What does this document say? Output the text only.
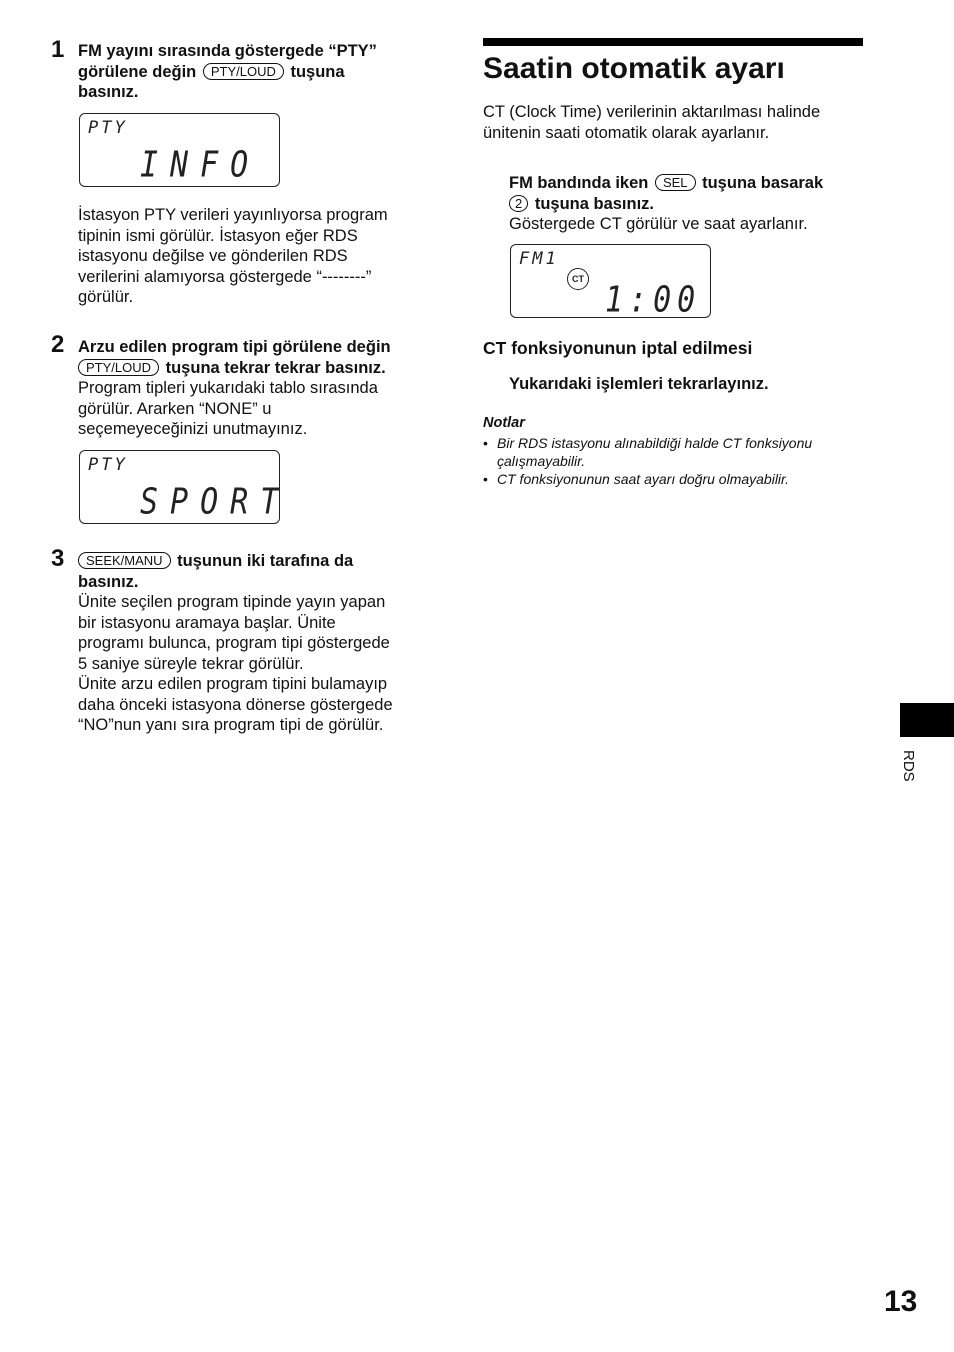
1 FM yayını sırasında göstergede “PTY”
görülene değin PTY/LOUD tuşuna
basınız.
PTY
INFO
İstasyon PTY verileri yayınlıyorsa program
tipinin ismi görülür. İstasyon eğer RDS
istasyonu değilse ve gönderilen RDS
verilerini alamıyorsa göstergede “--------”
görülür.
2 Arzu edilen program tipi görülene değin
PTY/LOUD tuşuna tekrar tekrar basınız.
Program tipleri yukarıdaki tablo sırasında
görülür. Ararken “NONE” u
seçemeyeceğinizi unutmayınız.
PTY
SPORT
3	SEEK/MANU tuşunun iki tarafına da
basınız.
Ünite seçilen program tipinde yayın yapan
bir istasyonu aramaya başlar. Ünite
programı bulunca, program tipi göstergede
5 saniye süreyle tekrar görülür.
Ünite arzu edilen program tipini bulamayıp
daha önceki istasyona dönerse göstergede
“NO”nun yanı sıra program tipi de görülür.
Saatin otomatik ayarı
CT (Clock Time) verilerinin aktarılması halinde
ünitenin saati otomatik olarak ayarlanır.
FM bandında iken SEL tuşuna basarak
2 tuşuna basınız.
Göstergede CT görülür ve saat ayarlanır.
FM1
CT 1:00
CT fonksiyonunun iptal edilmesi
Yukarıdaki işlemleri tekrarlayınız.
Notlar
• Bir RDS istasyonu alınabildiği halde CT fonksiyonu çalışmayabilir.
• CT fonksiyonunun saat ayarı doğru olmayabilir.
RDS
13
